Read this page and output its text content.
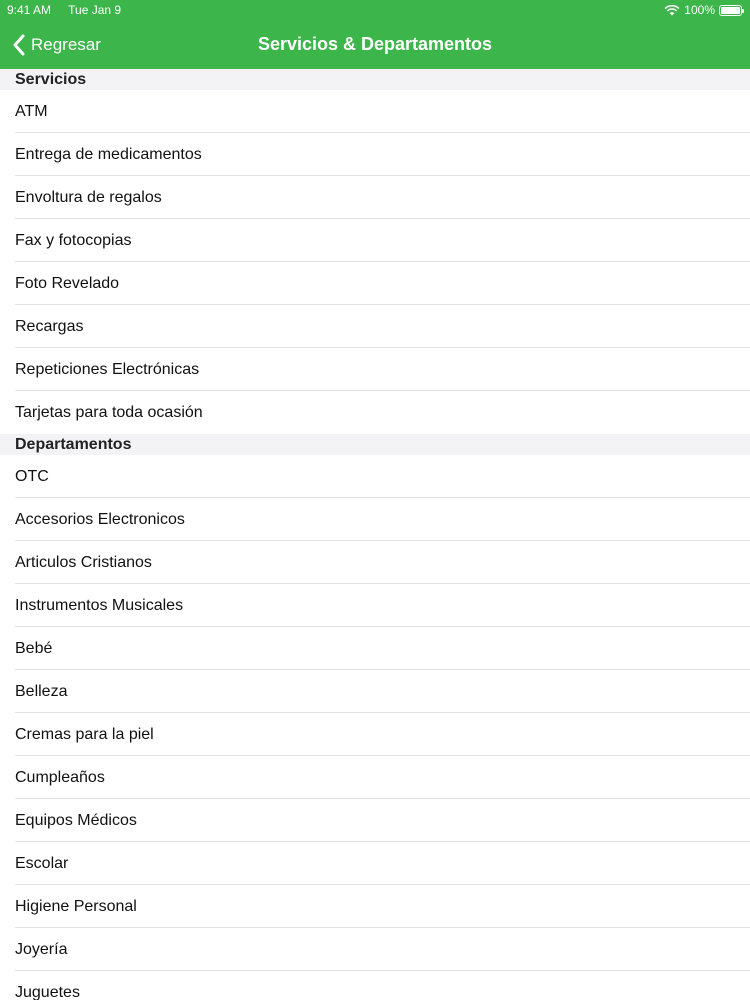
9:41 AM Tue Jan 9	100%
Regresar	Servicios & Departamentos
Servicios
ATM
Entrega de medicamentos
Envoltura de regalos
Fax y fotocopias
Foto Revelado
Recargas
Repeticiones Electrónicas
Tarjetas para toda ocasión
Departamentos
OTC
Accesorios Electronicos
Articulos Cristianos
Instrumentos Musicales
Bebé
Belleza
Cremas para la piel
Cumpleaños
Equipos Médicos
Escolar
Higiene Personal
Joyería
Juguetes
